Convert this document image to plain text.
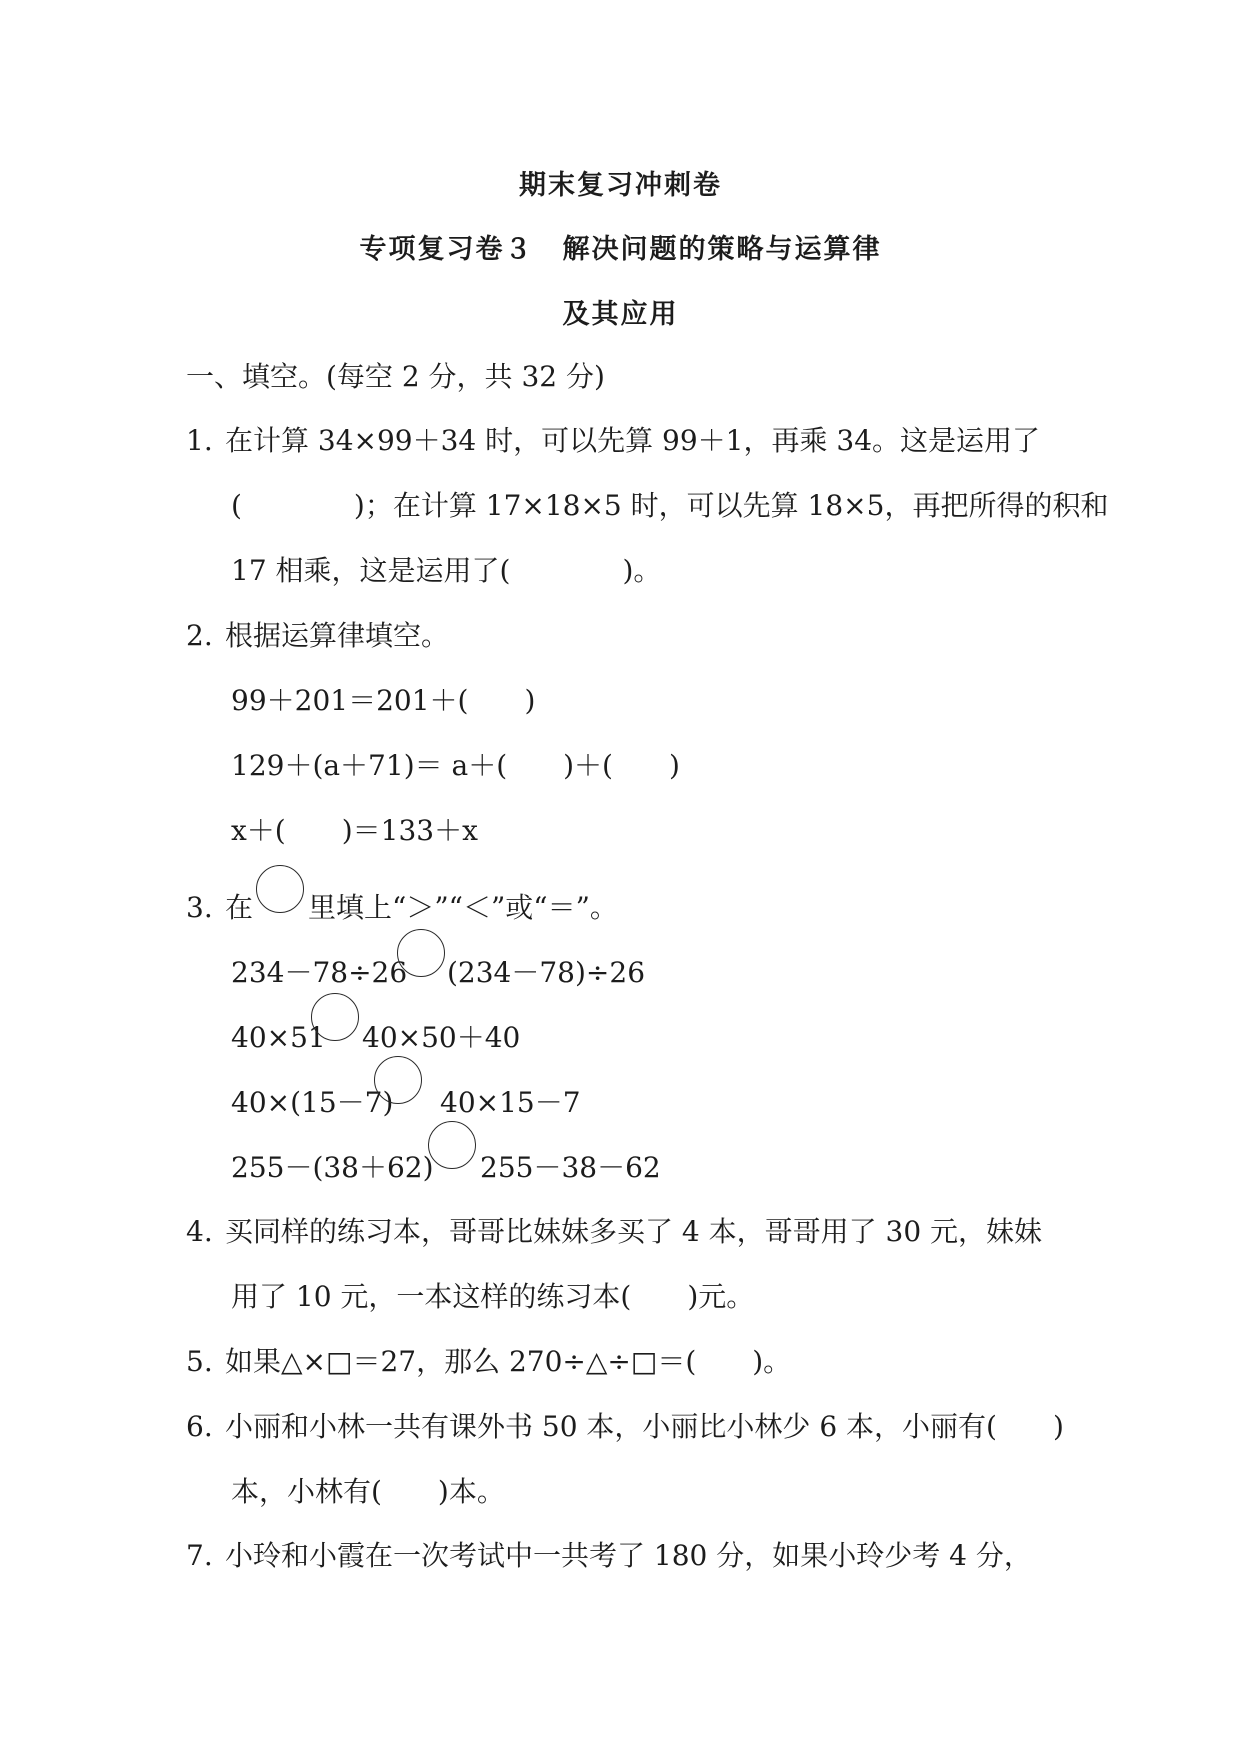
期末复习冲刺卷
专项复习卷３　解决问题的策略与运算律
及其应用
一、填空。(每空 2 分，共 32 分)
1. 在计算 34×99＋34 时，可以先算 99＋1，再乘 34。这是运用了
(　　　　)；在计算 17×18×5 时，可以先算 18×5，再把所得的积和
17 相乘，这是运用了(　　　　)。
2. 根据运算律填空。
99＋201＝201＋(　　)
129＋(a＋71)＝ a＋(　　)＋(　　)
x＋(　　)＝133＋x
3. 在 里填上“＞”“＜”或“＝”。
234－78÷26 (234－78)÷26
40×51 40×50＋40
40×(15－7) 40×15－7
255－(38＋62) 255－38－62
4. 买同样的练习本，哥哥比妹妹多买了 4 本，哥哥用了 30 元，妹妹
用了 10 元，一本这样的练习本(　　)元。
5. 如果△×□＝27，那么 270÷△÷□＝(　　)。
6. 小丽和小林一共有课外书 50 本，小丽比小林少 6 本，小丽有(　　)
本，小林有(　　)本。
7. 小玲和小霞在一次考试中一共考了 180 分，如果小玲少考 4 分，
